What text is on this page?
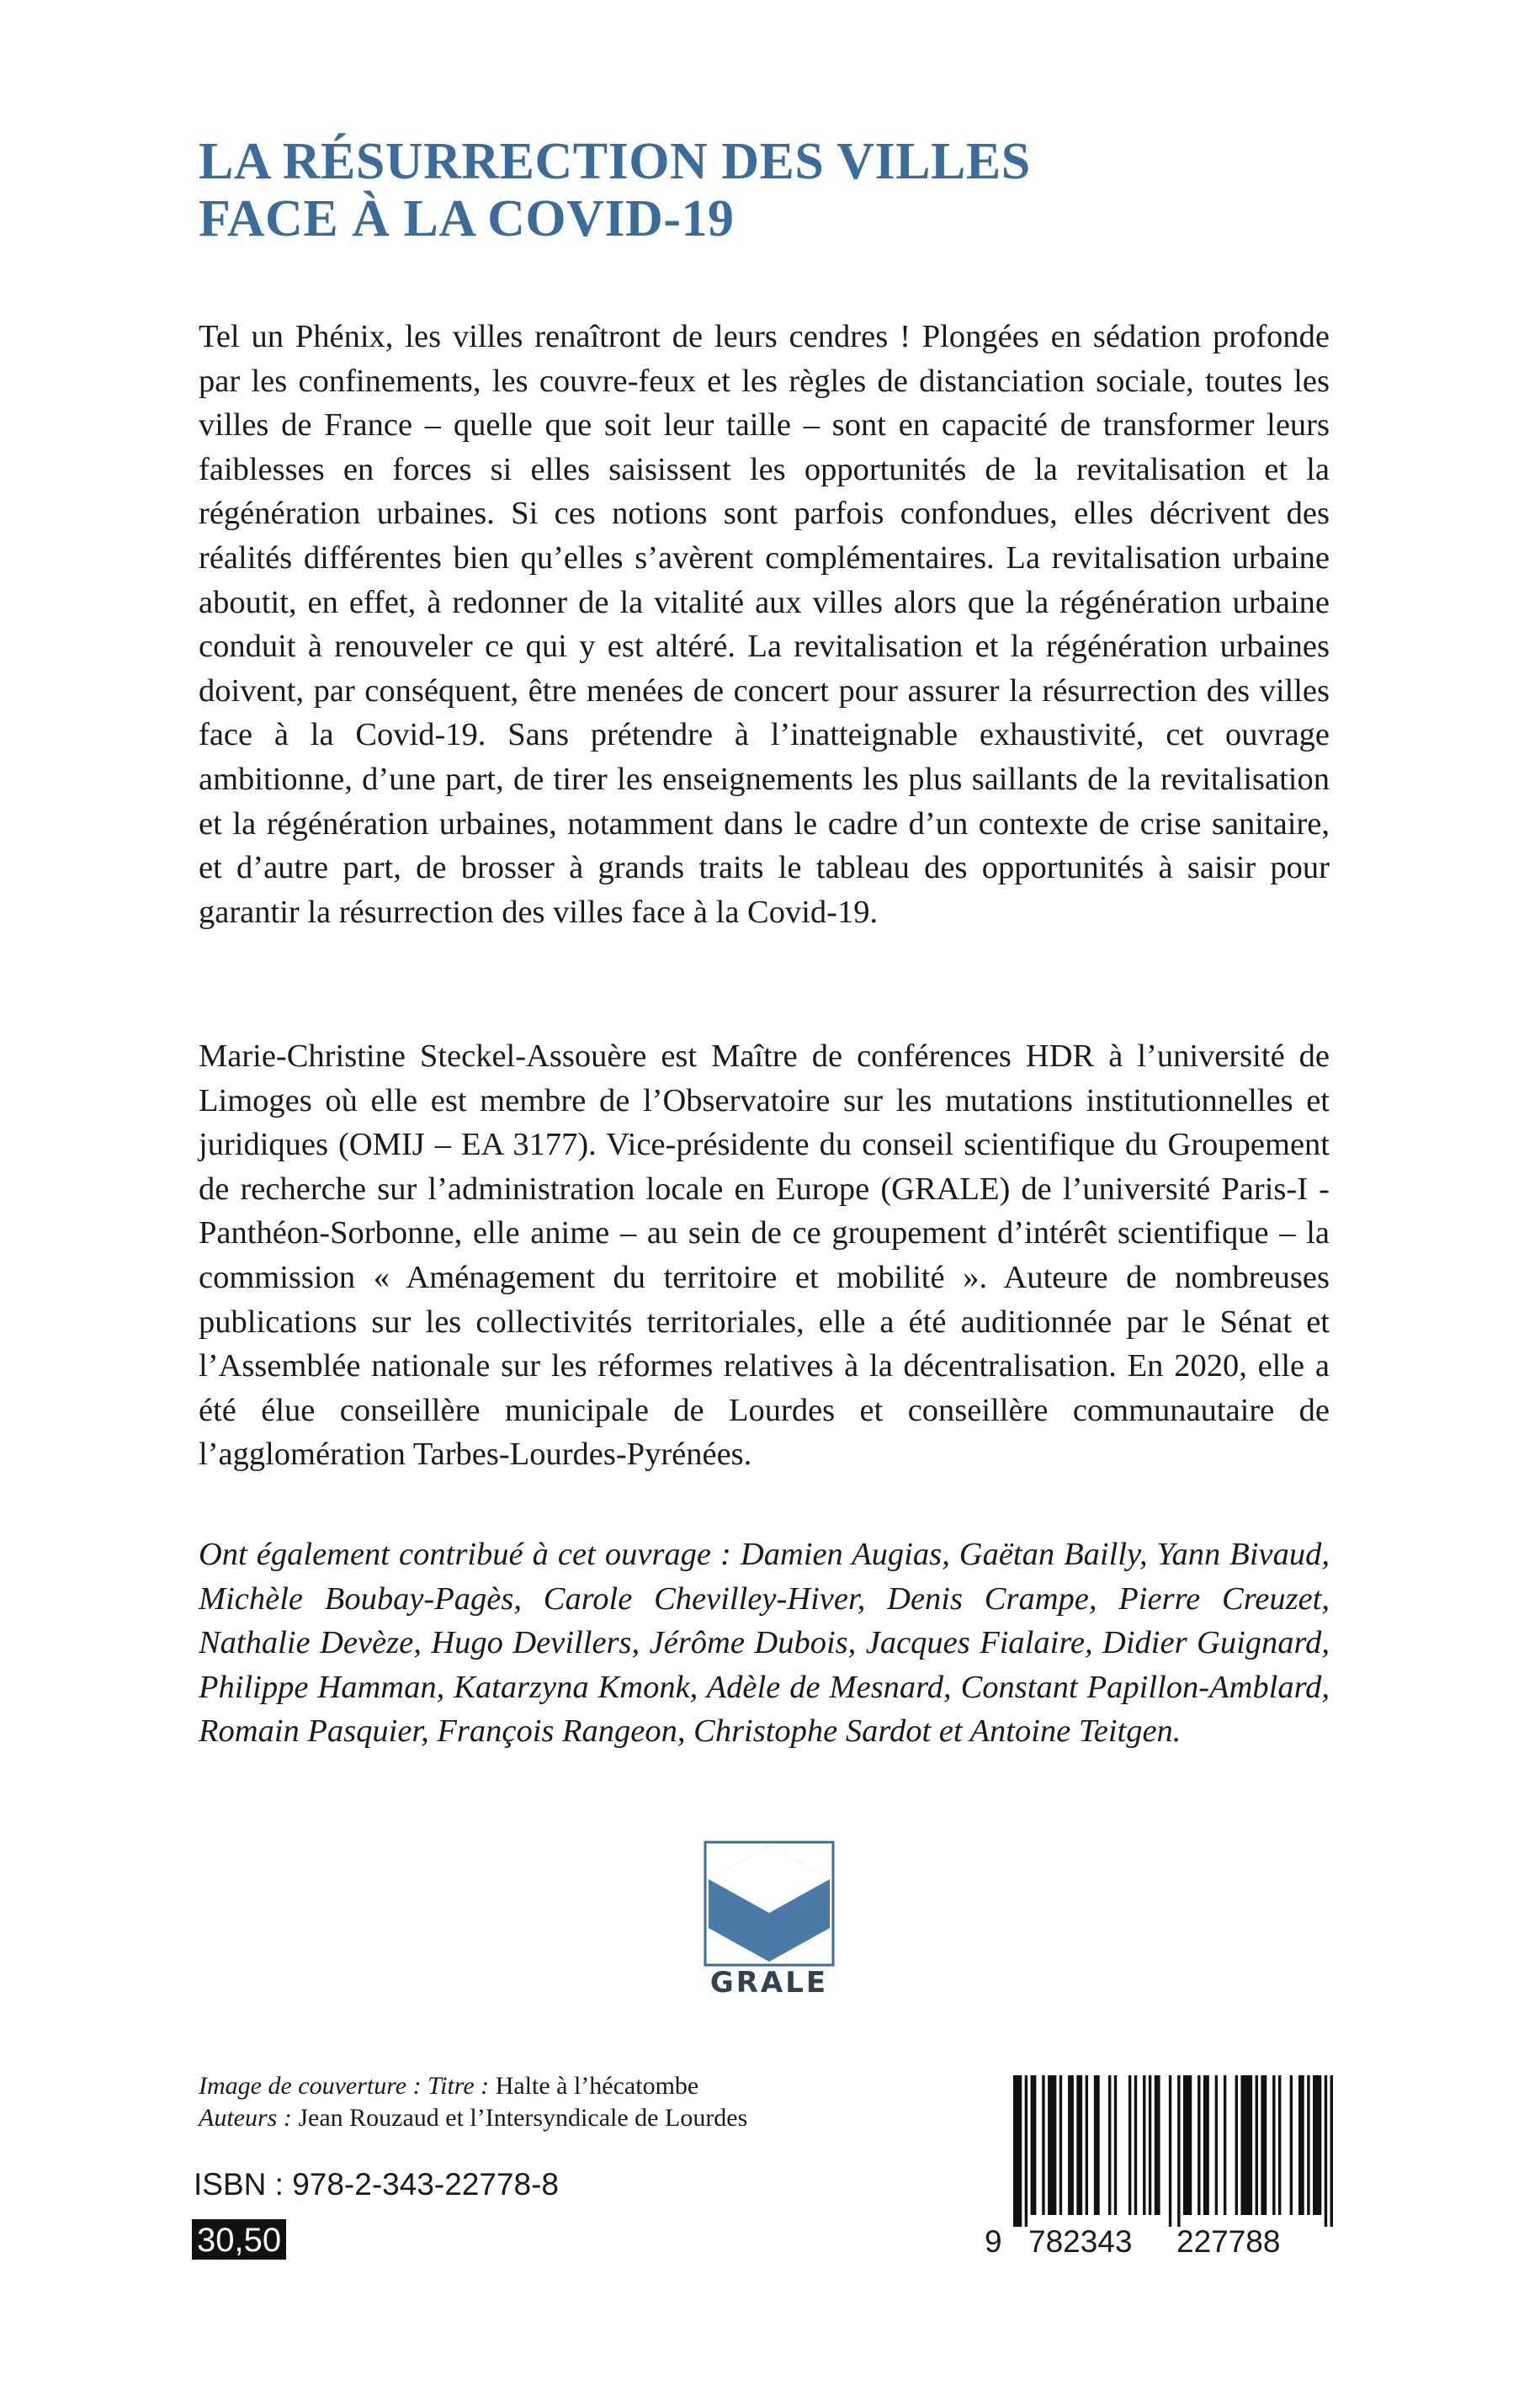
LA RÉSURRECTION DES VILLES
FACE À LA COVID-19
Tel un Phénix, les villes renaîtront de leurs cendres ! Plongées en sédation profonde par les confinements, les couvre-feux et les règles de distanciation sociale, toutes les villes de France – quelle que soit leur taille – sont en capacité de transformer leurs faiblesses en forces si elles saisissent les opportunités de la revitalisation et la régénération urbaines. Si ces notions sont parfois confondues, elles décrivent des réalités différentes bien qu’elles s’avèrent complémentaires. La revitalisation urbaine aboutit, en effet, à redonner de la vitalité aux villes alors que la régénération urbaine conduit à renouveler ce qui y est altéré. La revitalisation et la régénération urbaines doivent, par conséquent, être menées de concert pour assurer la résurrection des villes face à la Covid-19. Sans prétendre à l’inatteignable exhaustivité, cet ouvrage ambitionne, d’une part, de tirer les enseignements les plus saillants de la revitalisation et la régénération urbaines, notamment dans le cadre d’un contexte de crise sanitaire, et d’autre part, de brosser à grands traits le tableau des opportunités à saisir pour garantir la résurrection des villes face à la Covid-19.
Marie-Christine Steckel-Assouère est Maître de conférences HDR à l’université de Limoges où elle est membre de l’Observatoire sur les mutations institutionnelles et juridiques (OMIJ – EA 3177). Vice-présidente du conseil scientifique du Groupement de recherche sur l’administration locale en Europe (GRALE) de l’université Paris-I - Panthéon-Sorbonne, elle anime – au sein de ce groupement d’intérêt scientifique – la commission « Aménagement du territoire et mobilité ». Auteure de nombreuses publications sur les collectivités territoriales, elle a été auditionnée par le Sénat et l’Assemblée nationale sur les réformes relatives à la décentralisation. En 2020, elle a été élue conseillère municipale de Lourdes et conseillère communautaire de l’agglomération Tarbes-Lourdes-Pyrénées.
Ont également contribué à cet ouvrage : Damien Augias, Gaëtan Bailly, Yann Bivaud, Michèle Boubay-Pagès, Carole Chevilley-Hiver, Denis Crampe, Pierre Creuzet, Nathalie Devèze, Hugo Devillers, Jérôme Dubois, Jacques Fialaire, Didier Guignard, Philippe Hamman, Katarzyna Kmonk, Adèle de Mesnard, Constant Papillon-Amblard, Romain Pasquier, François Rangeon, Christophe Sardot et Antoine Teitgen.
GRALE
Image de couverture : Titre : Halte à l’hécatombe
Auteurs : Jean Rouzaud et l’Intersyndicale de Lourdes
ISBN : 978-2-343-22778-8
30,50	9 782343 227788
